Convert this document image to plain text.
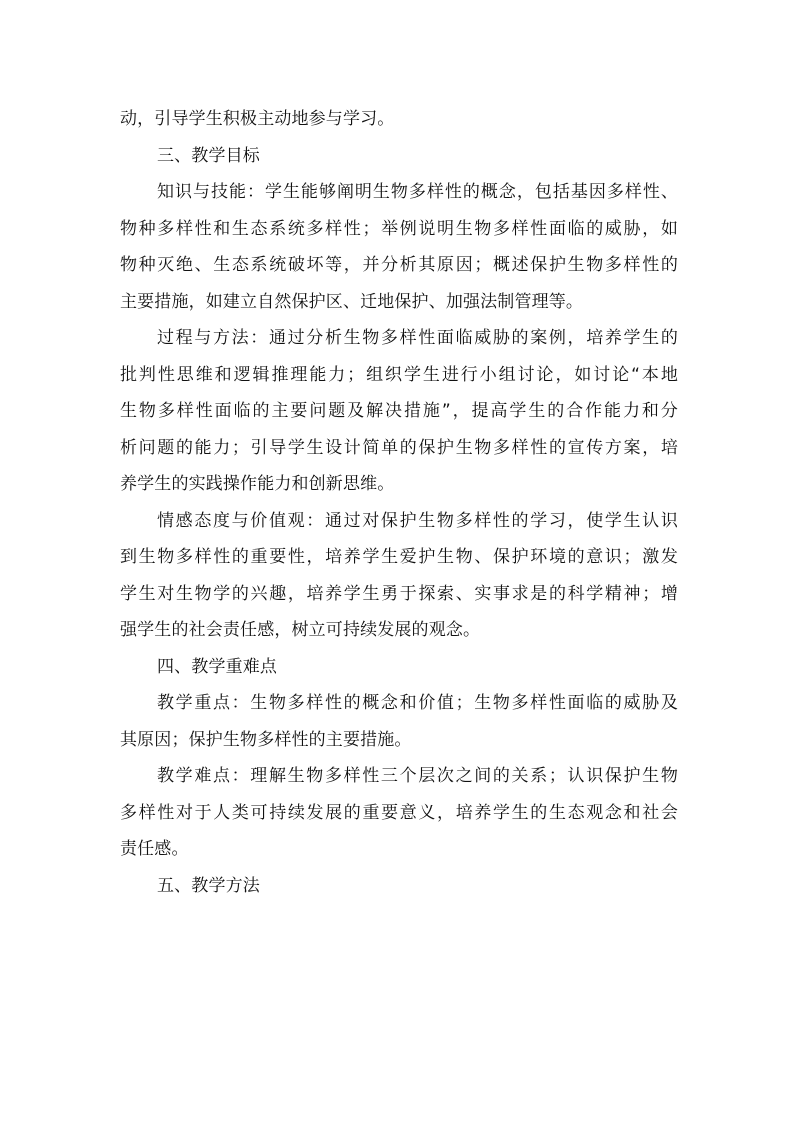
动，引导学生积极主动地参与学习。
三、教学目标
知识与技能：学生能够阐明生物多样性的概念，包括基因多样性、
物种多样性和生态系统多样性；举例说明生物多样性面临的威胁，如
物种灭绝、生态系统破坏等，并分析其原因；概述保护生物多样性的
主要措施，如建立自然保护区、迁地保护、加强法制管理等。
过程与方法：通过分析生物多样性面临威胁的案例，培养学生的
批判性思维和逻辑推理能力；组织学生进行小组讨论，如讨论“本地
生物多样性面临的主要问题及解决措施”，提高学生的合作能力和分
析问题的能力；引导学生设计简单的保护生物多样性的宣传方案，培
养学生的实践操作能力和创新思维。
情感态度与价值观：通过对保护生物多样性的学习，使学生认识
到生物多样性的重要性，培养学生爱护生物、保护环境的意识；激发
学生对生物学的兴趣，培养学生勇于探索、实事求是的科学精神；增
强学生的社会责任感，树立可持续发展的观念。
四、教学重难点
教学重点：生物多样性的概念和价值；生物多样性面临的威胁及
其原因；保护生物多样性的主要措施。
教学难点：理解生物多样性三个层次之间的关系；认识保护生物
多样性对于人类可持续发展的重要意义，培养学生的生态观念和社会
责任感。
五、教学方法
